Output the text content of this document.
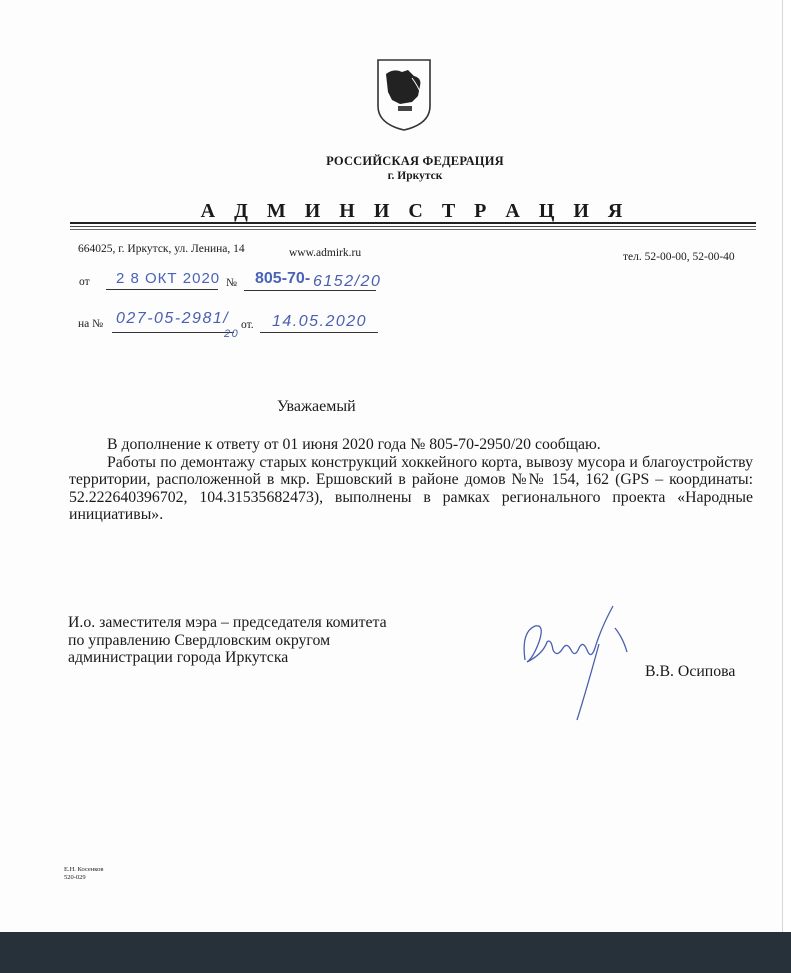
РОССИЙСКАЯ ФЕДЕРАЦИЯ
г. Иркутск
А Д М И Н И С Т Р А Ц И Я
664025, г. Иркутск, ул. Ленина, 14	www.admirk.ru	тел. 52-00-00, 52-00-40
от 2 8 ОКТ 2020 № 805-70- 6152/20
на № 027-05-2981/
20
от. 14.05.2020
Уважаемый

В дополнение к ответу от 01 июня 2020 года № 805-70-2950/20 сообщаю.

Работы по демонтажу старых конструкций хоккейного корта, вывозу мусора и благоустройству территории, расположенной в мкр. Ершовский в районе домов №№ 154, 162 (GPS – координаты: 52.222640396702, 104.31535682473), выполнены в рамках регионального проекта «Народные инициативы».

И.о. заместителя мэра – председателя комитета
по управлению Свердловским округом
администрации города Иркутска
В.В. Осипова
Е.Н. Косенков
520-029
